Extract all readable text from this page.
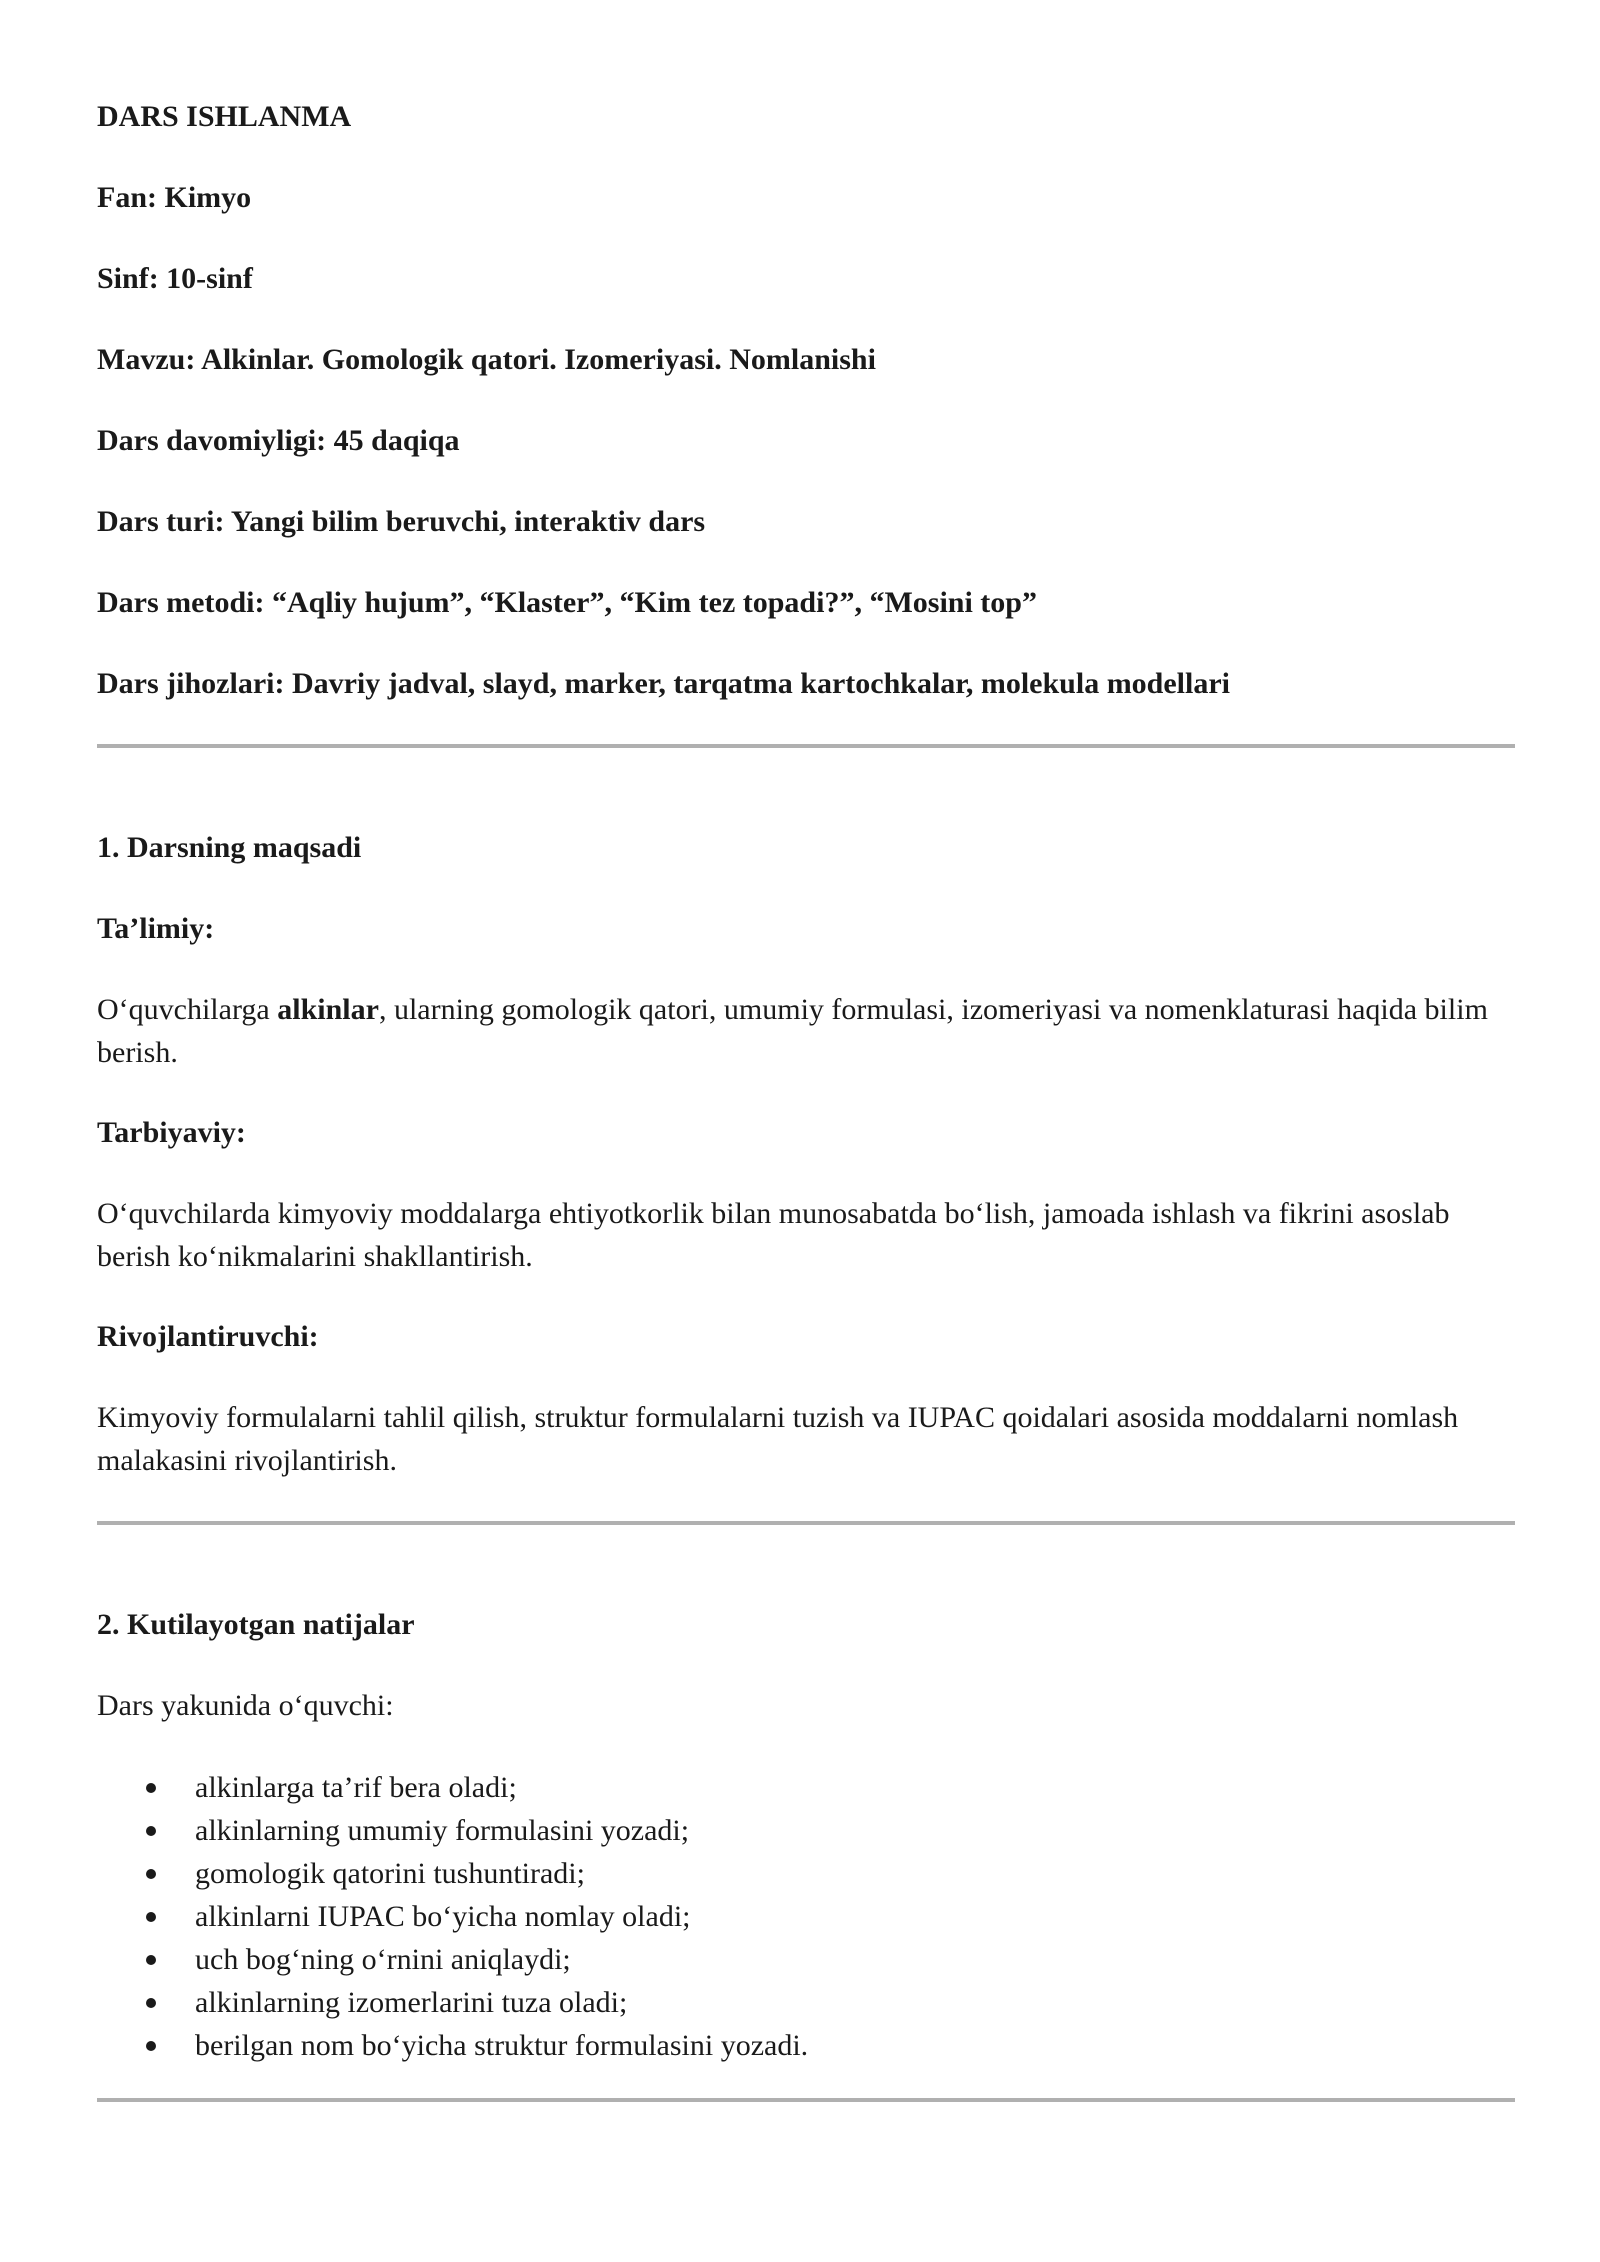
DARS ISHLANMA
Fan: Kimyo
Sinf: 10-sinf
Mavzu: Alkinlar. Gomologik qatori. Izomeriyasi. Nomlanishi
Dars davomiyligi: 45 daqiqa
Dars turi: Yangi bilim beruvchi, interaktiv dars
Dars metodi: “Aqliy hujum”, “Klaster”, “Kim tez topadi?”, “Mosini top”
Dars jihozlari: Davriy jadval, slayd, marker, tarqatma kartochkalar, molekula modellari
1. Darsning maqsadi
Ta’limiy:
O‘quvchilarga alkinlar, ularning gomologik qatori, umumiy formulasi, izomeriyasi va nomenklaturasi haqida bilim berish.
Tarbiyaviy:
O‘quvchilarda kimyoviy moddalarga ehtiyotkorlik bilan munosabatda bo‘lish, jamoada ishlash va fikrini asoslab berish ko‘nikmalarini shakllantirish.
Rivojlantiruvchi:
Kimyoviy formulalarni tahlil qilish, struktur formulalarni tuzish va IUPAC qoidalari asosida moddalarni nomlash malakasini rivojlantirish.
2. Kutilayotgan natijalar
Dars yakunida o‘quvchi:
alkinlarga ta’rif bera oladi;
alkinlarning umumiy formulasini yozadi;
gomologik qatorini tushuntiradi;
alkinlarni IUPAC bo‘yicha nomlay oladi;
uch bog‘ning o‘rnini aniqlaydi;
alkinlarning izomerlarini tuza oladi;
berilgan nom bo‘yicha struktur formulasini yozadi.
